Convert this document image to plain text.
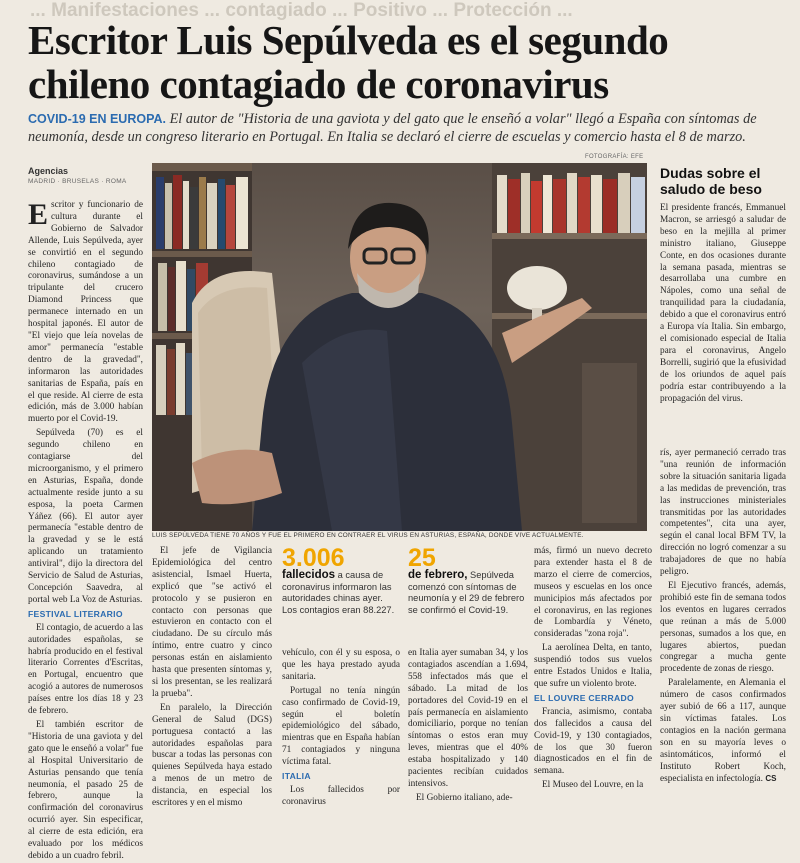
... Manifestaciones ... contagiado ... Positivo ... Protección ...
Escritor Luis Sepúlveda es el segundo chileno contagiado de coronavirus
COVID-19 EN EUROPA. El autor de "Historia de una gaviota y del gato que le enseñó a volar" llegó a España con síntomas de neumonía, desde un congreso literario en Portugal. En Italia se declaró el cierre de escuelas y comercio hasta el 8 de marzo.
Agencias
MADRID · BRUSELAS · ROMA
FOTOGRAFÍA: EFE
LUIS SEPÚLVEDA TIENE 70 AÑOS Y FUE EL PRIMERO EN CONTRAER EL VIRUS EN ASTURIAS, ESPAÑA, DONDE VIVE ACTUALMENTE.

Escritor y funcionario de cultura durante el Gobierno de Salvador Allende, Luis Sepúlveda, ayer se convirtió en el segundo chileno contagiado de coronavirus, sumándose a un tripulante del crucero Diamond Princess que permanece internado en un hospital japonés. El autor de "El viejo que leía novelas de amor" permanecía "estable dentro de la gravedad", informaron las autoridades sanitarias de España, país en el que reside. Al cierre de esta edición, más de 3.000 habían muerto por el Covid-19.

Sepúlveda (70) es el segundo chileno en contagiarse del microorganismo, y el primero en Asturias, España, donde actualmente reside junto a su esposa, la poeta Carmen Yáñez (66). El autor ayer permanecía "estable dentro de la gravedad y se le está aplicando un tratamiento antiviral", dijo la directora del Servicio de Salud de Asturias, Concepción Saavedra, al portal web La Voz de Asturias.

FESTIVAL LITERARIO

El contagio, de acuerdo a las autoridades españolas, se habría producido en el festival literario Correntes d'Escritas, en Portugal, encuentro que acogió a autores de numerosos países entre los días 18 y 23 de febrero.

El también escritor de "Historia de una gaviota y del gato que le enseñó a volar" fue al Hospital Universitario de Asturias pensando que tenía neumonía, el pasado 25 de febrero, aunque la confirmación del coronavirus ocurrió ayer. Sin especificar, al cierre de esta edición, era evaluado por los médicos debido a un cuadro febril.

El jefe de Vigilancia Epidemiológica del centro asistencial, Ismael Huerta, explicó que "se activó el protocolo y se pusieron en contacto con personas que estuvieron en contacto con el ciudadano. De su círculo más íntimo, entre cuatro y cinco personas están en aislamiento hasta que presenten síntomas y, si los presentan, se les realizará la prueba".

En paralelo, la Dirección General de Salud (DGS) portuguesa contactó a las autoridades españolas para buscar a todas las personas con quienes Sepúlveda haya estado a menos de un metro de distancia, en especial los escritores y en el mismo

3.006
fallecidos a causa de coronavirus informaron las autoridades chinas ayer. Los contagios eran 88.227.

vehículo, con él y su esposa, o que les haya prestado ayuda sanitaria.

Portugal no tenía ningún caso confirmado de Covid-19, según el boletín epidemiológico del sábado, mientras que en España habían 71 contagiados y ninguna víctima fatal.

ITALIA

Los fallecidos por coronavirus

25
de febrero, Sepúlveda comenzó con síntomas de neumonía y el 29 de febrero se confirmó el Covid-19.

en Italia ayer sumaban 34, y los contagiados ascendían a 1.694, 558 infectados más que el sábado. La mitad de los portadores del Covid-19 en el país permanecía en aislamiento domiciliario, porque no tenían síntomas o estos eran muy leves, mientras que el 40% estaba hospitalizado y 140 pacientes recibían cuidados intensivos.

El Gobierno italiano, ade-

más, firmó un nuevo decreto para extender hasta el 8 de marzo el cierre de comercios, museos y escuelas en los once municipios más afectados por el coronavirus, en las regiones de Lombardía y Véneto, consideradas "zona roja".

La aerolínea Delta, en tanto, suspendió todos sus vuelos entre Estados Unidos e Italia, que sufre un violento brote.

EL LOUVRE CERRADO

Francia, asimismo, contaba dos fallecidos a causa del Covid-19, y 130 contagiados, de los que 30 fueron diagnosticados en el fin de semana.

El Museo del Louvre, en la

Dudas sobre el saludo de beso

El presidente francés, Emmanuel Macron, se arriesgó a saludar de beso en la mejilla al primer ministro italiano, Giuseppe Conte, en dos ocasiones durante la semana pasada, mientras se desarrollaba una cumbre en Nápoles, como una señal de tranquilidad para la ciudadanía, debido a que el coronavirus entró a Europa vía Italia. Sin embargo, el comisionado especial de Italia para el coronavirus, Angelo Borrelli, sugirió que la efusividad de los oriundos de aquel país podría estar contribuyendo a la propagación del virus.

rís, ayer permaneció cerrado tras "una reunión de información sobre la situación sanitaria ligada a las medidas de prevención, tras las instrucciones ministeriales transmitidas por las autoridades competentes", cita una ayer, según el canal local BFM TV, la dirección no logró comenzar a su trabajadores de que no había peligro.

El Ejecutivo francés, además, prohibió este fin de semana todos los eventos en lugares cerrados que reúnan a más de 5.000 personas, sumados a los que, en lugares abiertos, puedan congregar a mucha gente procedente de zonas de riesgo.

Paralelamente, en Alemania el número de casos confirmados ayer subió de 66 a 117, aunque sin víctimas fatales. Los contagios en la nación germana son en su mayoría leves o asintomáticos, informó el Instituto Robert Koch, especialista en infectología. CS
